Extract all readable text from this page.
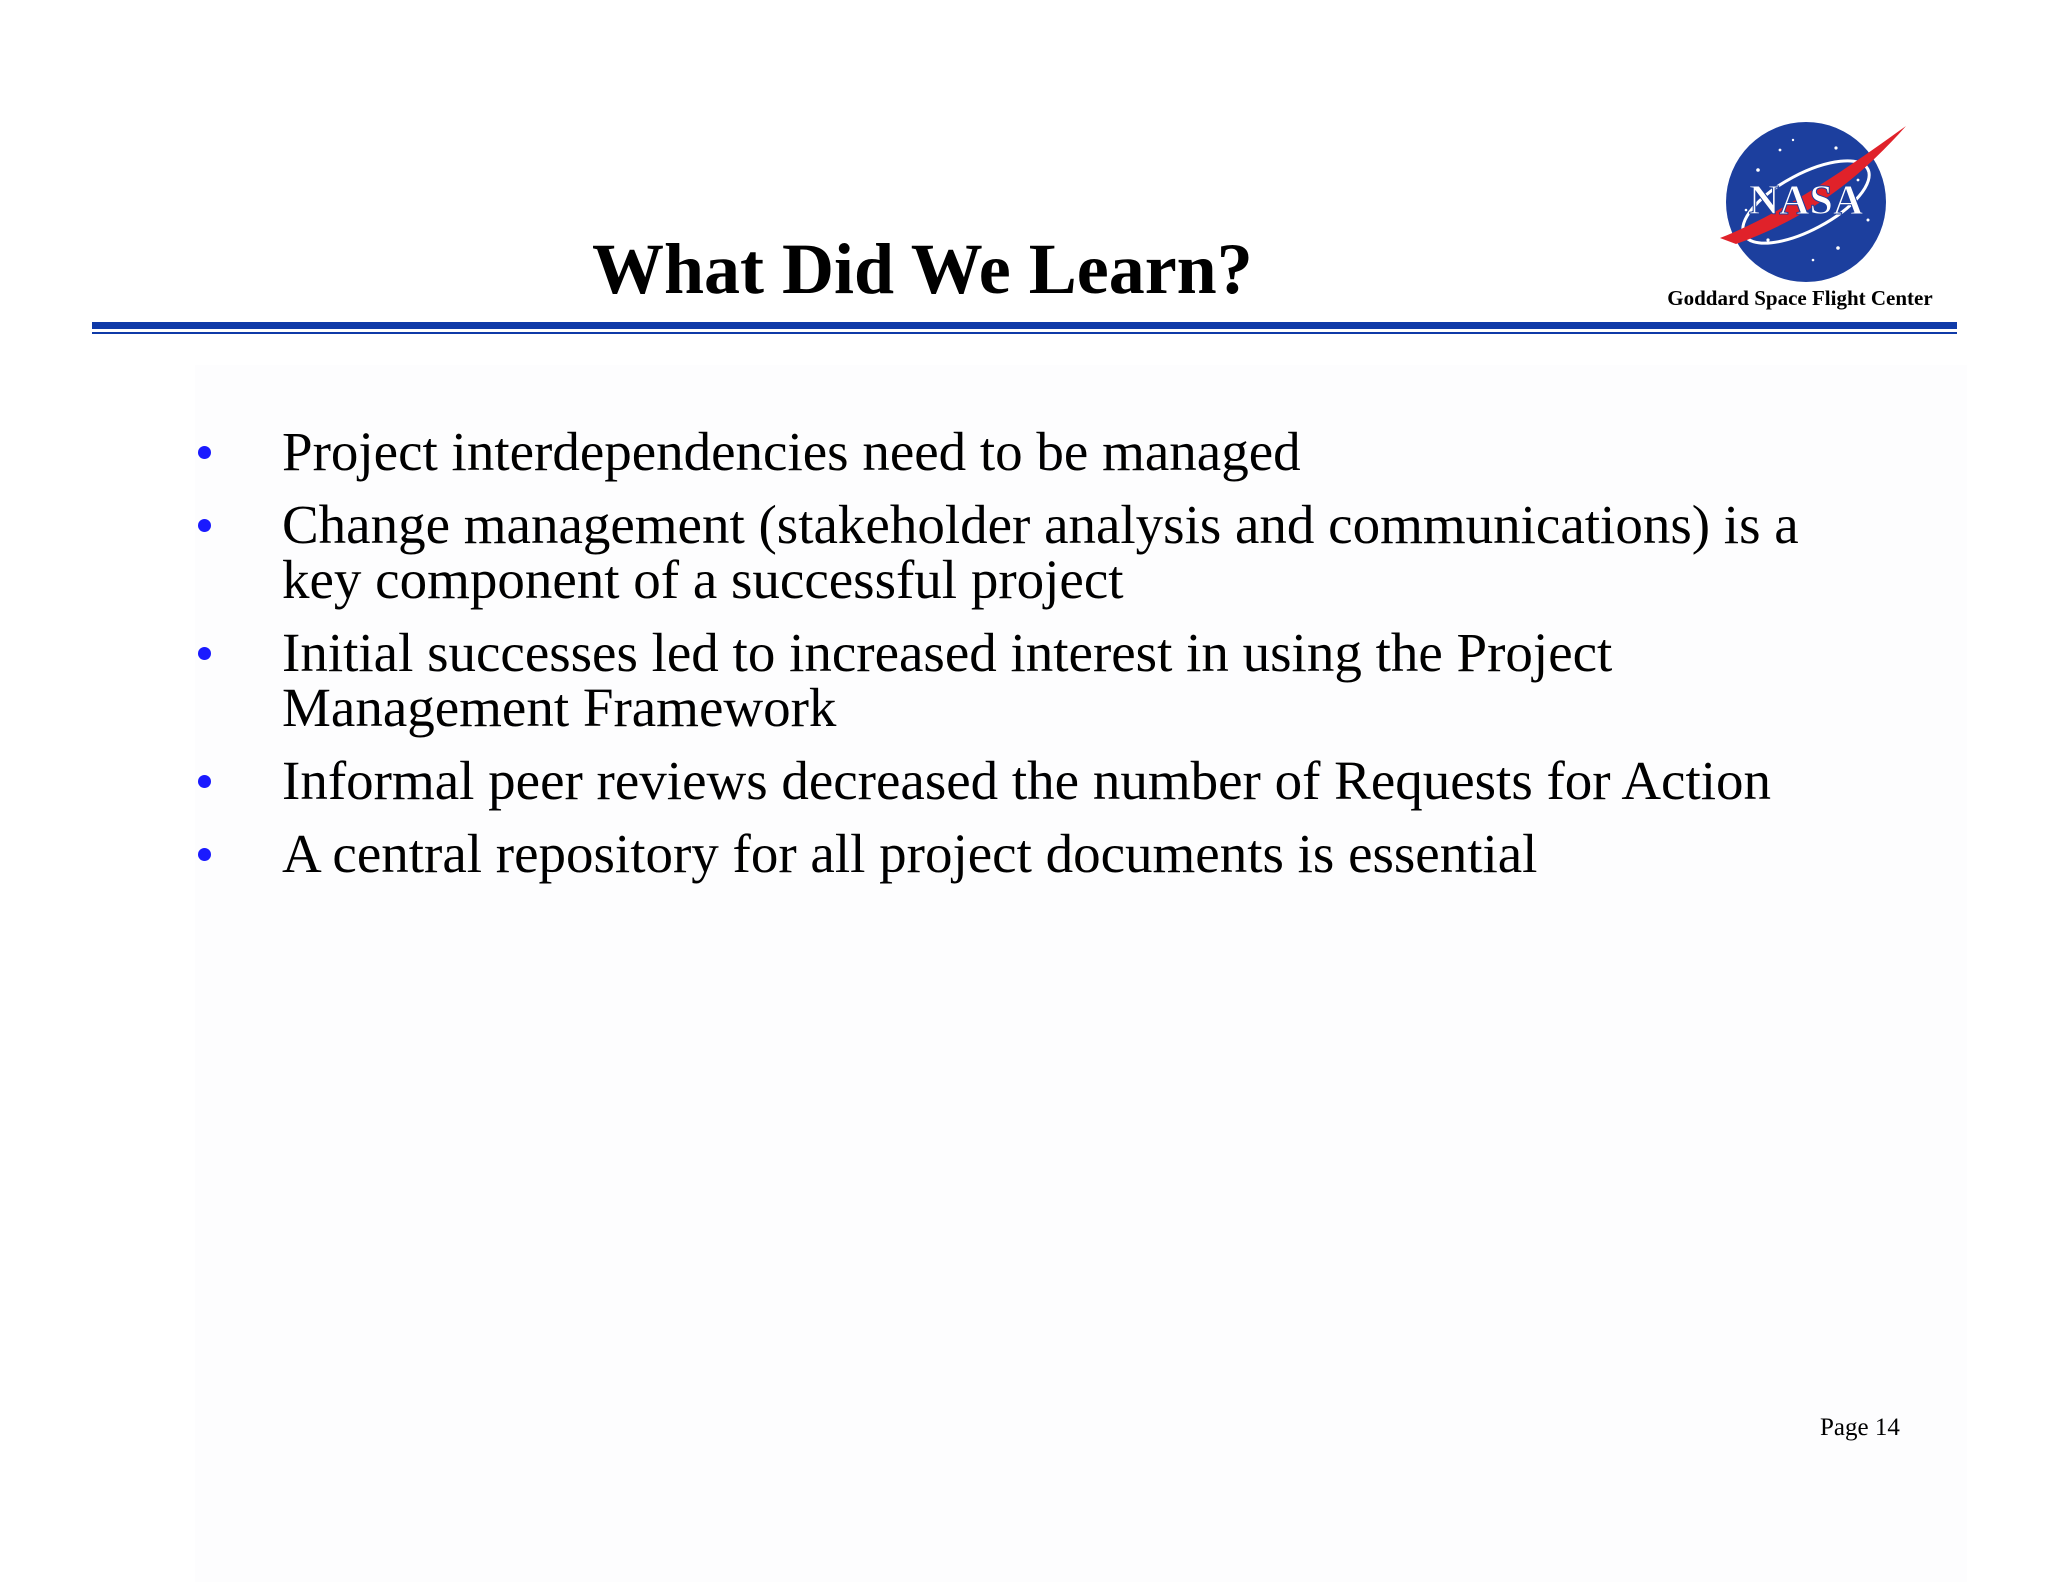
What Did We Learn?
NASA

Goddard Space Flight Center

Project interdependencies need to be managed
Change management (stakeholder analysis and communications) is a
key component of a successful project
Initial successes led to increased interest in using the Project
Management Framework
Informal peer reviews decreased the number of Requests for Action
A central repository for all project documents is essential

Page 14
